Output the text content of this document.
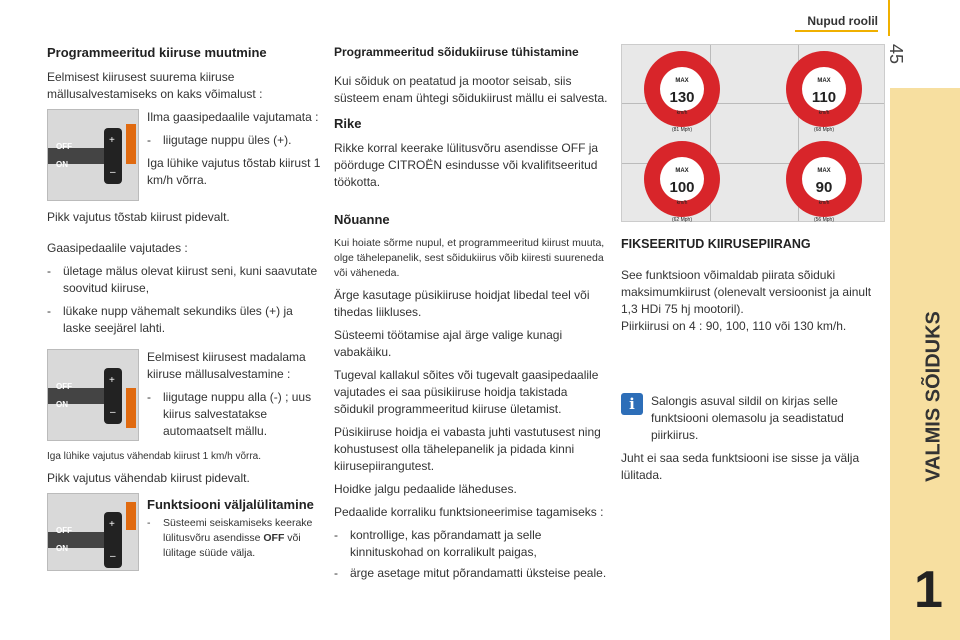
Nupud roolil
45
VALMIS SÕIDUKS
1
Programmeeritud kiiruse muutmine

Eelmisest kiirusest suurema kiiruse mällusalvestamiseks on kaks võimalust :

OFF
ON
+
–

Ilma gaasipedaalile vajutamata :

-	liigutage nuppu üles (+).

Iga lühike vajutus tõstab kiirust 1 km/h võrra.

Pikk vajutus tõstab kiirust pidevalt.

Gaasipedaalile vajutades :

-	ületage mälus olevat kiirust seni, kuni saavutate soovitud kiiruse,
-	lükake nupp vähemalt sekundiks üles (+) ja laske seejärel lahti.
OFF
ON
+
–

Eelmisest kiirusest madalama kiiruse mällusalvestamine :

-	liigutage nuppu alla (-) ; uus kiirus salvestatakse automaatselt mällu.

Iga lühike vajutus vähendab kiirust 1 km/h võrra.

Pikk vajutus vähendab kiirust pidevalt.

OFF
ON
+
–
Funktsiooni väljalülitamine
-	Süsteemi seiskamiseks keerake lülitusvõru asendisse OFF või lülitage süüde välja.
Programmeeritud sõidukiiruse tühistamine

Kui sõiduk on peatatud ja mootor seisab, siis süsteem enam ühtegi sõidukiirust mällu ei salvesta.

Rike

Rikke korral keerake lülitusvõru asendisse OFF ja pöörduge CITROËN esindusse või kvalifitseeritud töökotta.

Nõuanne

Kui hoiate sõrme nupul, et programmeeritud kiirust muuta, olge tähelepanelik, sest sõidukiirus võib kiiresti suureneda või väheneda.

Ärge kasutage püsikiiruse hoidjat libedal teel või tihedas liikluses.

Süsteemi töötamise ajal ärge valige kunagi vabakäiku.

Tugeval kallakul sõites või tugevalt gaasipedaalile vajutades ei saa püsikiiruse hoidja takistada sõidukil programmeeritud kiiruse ületamist.

Püsikiiruse hoidja ei vabasta juhti vastutusest ning kohustusest olla tähelepanelik ja pidada kinni kiirusepiirangutest.

Hoidke jalgu pedaalide läheduses.

Pedaalide korraliku funktsioneerimise tagamiseks :

-	kontrollige, kas põrandamatt ja selle kinnituskohad on korralikult paigas,
-	ärge asetage mitut põrandamatti üksteise peale.
MAX
130
km/h
(81 Mph)
MAX
110
km/h
(68 Mph)
MAX
100
km/h
(62 Mph)
MAX
90
km/h
(56 Mph)
FIKSEERITUD KIIRUSEPIIRANG

See funktsioon võimaldab piirata sõiduki maksimumkiirust (olenevalt versioonist ja ainult 1,3 HDi 75 hj mootoril).

Piirkiirusi on 4 : 90, 100, 110 või 130 km/h.

i	Salongis asuval sildil on kirjas selle funktsiooni olemasolu ja seadistatud piirkiirus.

Juht ei saa seda funktsiooni ise sisse ja välja lülitada.
